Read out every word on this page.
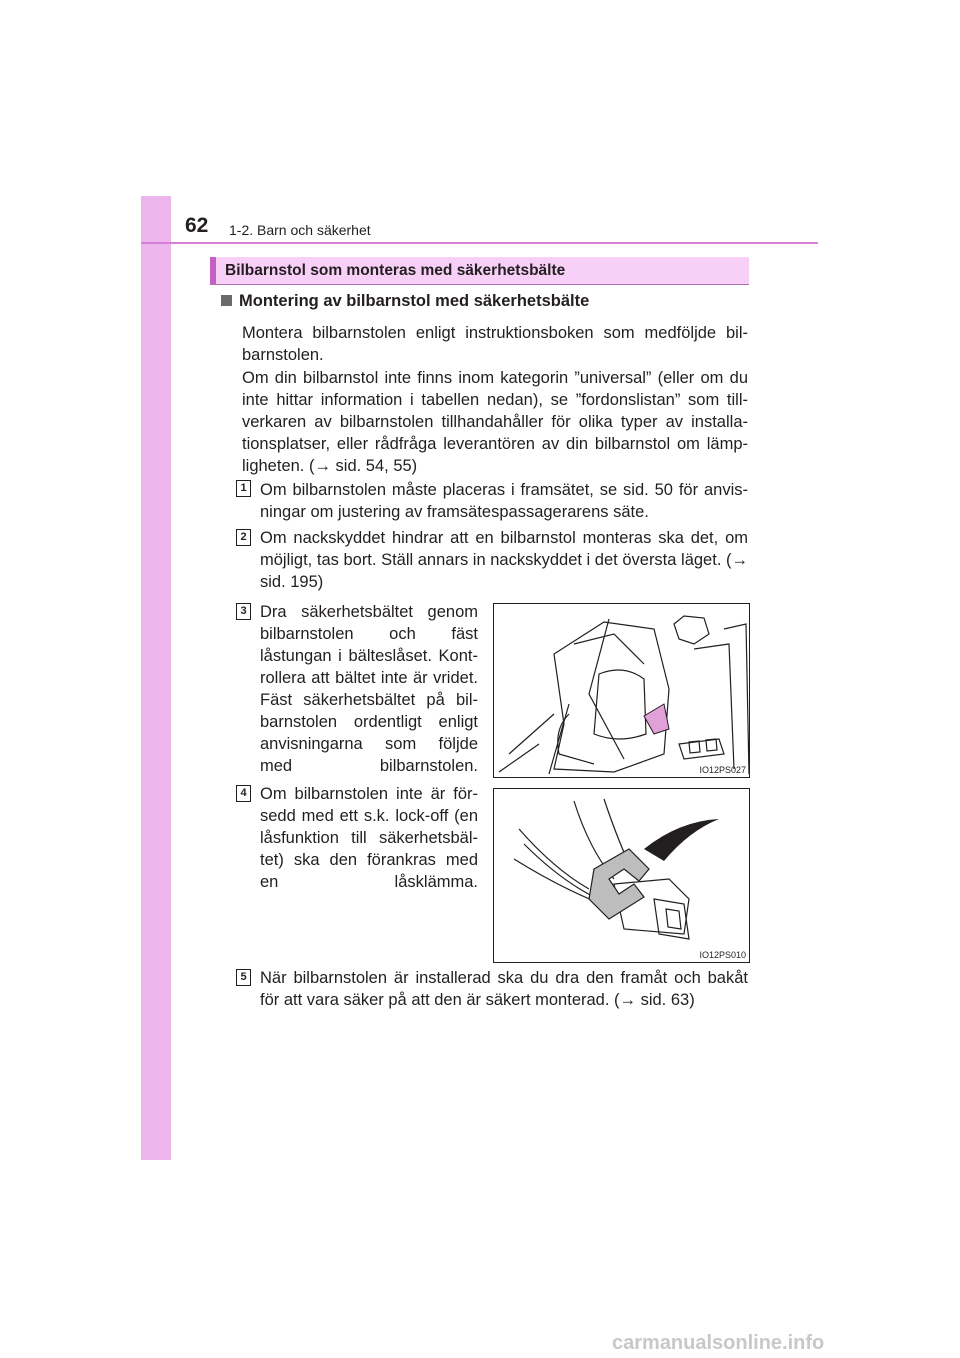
62 1-2. Barn och säkerhet
Bilbarnstol som monteras med säkerhetsbälte
Montering av bilbarnstol med säkerhetsbälte
Montera bilbarnstolen enligt instruktionsboken som medföljde bil-barnstolen.
Om din bilbarnstol inte finns inom kategorin ”universal” (eller om du inte hittar information i tabellen nedan), se ”fordonslistan” som till-verkaren av bilbarnstolen tillhandahåller för olika typer av installa-tionsplatser, eller rådfråga leverantören av din bilbarnstol om lämp-ligheten. (→ sid. 54, 55)
1 Om bilbarnstolen måste placeras i framsätet, se sid. 50 för anvis-ningar om justering av framsätespassagerarens säte.
2 Om nackskyddet hindrar att en bilbarnstol monteras ska det, om möjligt, tas bort. Ställ annars in nackskyddet i det översta läget. (→ sid. 195)
3 Dra säkerhetsbältet genom bilbarnstolen och fäst låstungan i bälteslåset. Kont-rollera att bältet inte är vridet. Fäst säkerhetsbältet på bil-barnstolen ordentligt enligt anvisningarna som följde med bilbarnstolen.	IO12PS027
4 Om bilbarnstolen inte är för-sedd med ett s.k. lock-off (en låsfunktion till säkerhetsbäl-tet) ska den förankras med en låsklämma.
IO12PS010
5 När bilbarnstolen är installerad ska du dra den framåt och bakåt för att vara säker på att den är säkert monterad. (→ sid. 63)
carmanualsonline.info
